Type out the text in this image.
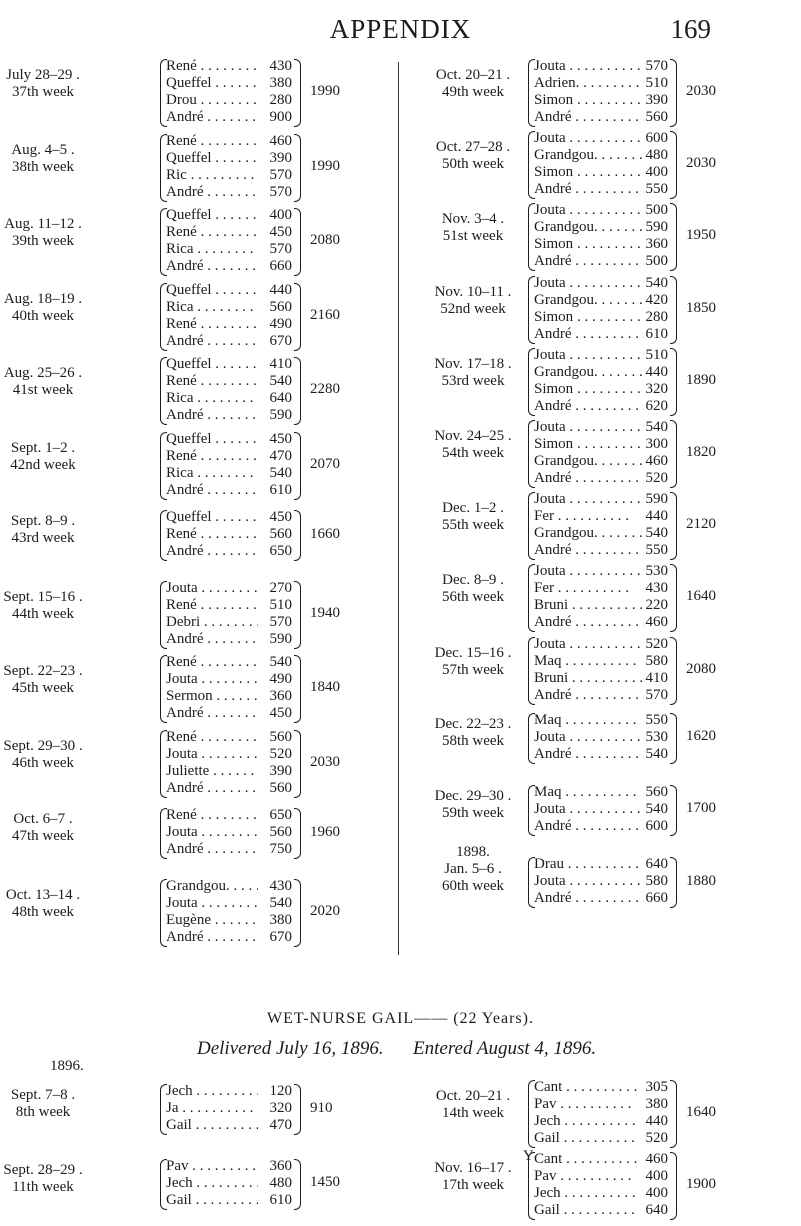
APPENDIX	169
July 28–29 .
37th week
René . . .
Queffel . . .
Drou . . .
André . . .
430
380
280
900
1990
Aug. 4–5 .
38th week
René . . .
Queffel . . .
Ric . . .
André . . .
460
390
570
570
1990
Aug. 11–12 .
39th week
Queffel . . .
René . . .
Rica . . .
André . . .
400
450
570
660
2080
Aug. 18–19 .
40th week
Queffel . . .
Rica . . .
René . . .
André . . .
440
560
490
670
2160
Aug. 25–26 .
41st week
Queffel . . .
René . . .
Rica . . .
André . . .
410
540
640
590
2280
Sept. 1–2 .
42nd week
Queffel . . .
René . . .
Rica . . .
André . . .
450
470
540
610
2070
Sept. 8–9 .
43rd week
Queffel . . .
René . . .
André . . .
450
560
650
1660
Sept. 15–16 .
44th week
Jouta . . .
René . . .
Debri . . .
André . . .
270
510
570
590
1940
Sept. 22–23 .
45th week
René . . .
Jouta . . .
Sermon . . .
André . . .
540
490
360
450
1840
Sept. 29–30 .
46th week
René . . .
Jouta . . .
Juliette . . .
André . . .
560
520
390
560
2030
Oct. 6–7 .
47th week
René . . .
Jouta . . .
André . . .
650
560
750
1960
Oct. 13–14 .
48th week
Grandgou. . . .
Jouta . . .
Eugène . . .
André . . .
430
540
380
670
2020
Oct. 20–21 .
49th week
Jouta . . .
Adrien. . . .
Simon . . .
André . . .
570
510
390
560
2030
Oct. 27–28 .
50th week
Jouta . . .
Grandgou. . . .
Simon . . .
André . . .
600
480
400
550
2030
Nov. 3–4 .
51st week
Jouta . . .
Grandgou. . . .
Simon . . .
André . . .
500
590
360
500
1950
Nov. 10–11 .
52nd week
Jouta . . .
Grandgou. . . .
Simon . . .
André . . .
540
420
280
610
1850
Nov. 17–18 .
53rd week
Jouta . . .
Grandgou. . . .
Simon . . .
André . . .
510
440
320
620
1890
Nov. 24–25 .
54th week
Jouta . . .
Simon . . .
Grandgou. . . .
André . . .
540
300
460
520
1820
Dec. 1–2 .
55th week
Jouta . . .
Fer . . .
Grandgou. . . .
André . . .
590
440
540
550
2120
Dec. 8–9 .
56th week
Jouta . . .
Fer . . .
Bruni . . .
André . . .
530
430
220
460
1640
Dec. 15–16 .
57th week
Jouta . . .
Maq . . .
Bruni . . .
André . . .
520
580
410
570
2080
Dec. 22–23 .
58th week
Maq . . .
Jouta . . .
André . . .
550
530
540
1620
Dec. 29–30 .
59th week
Maq . . .
Jouta . . .
André . . .
560
540
600
1700
1898.
Jan. 5–6 .
60th week
Drau . . .
Jouta . . .
André . . .
640
580
660
1880
WET-NURSE GAIL—— (22 Years).
Delivered July 16, 1896. Entered August 4, 1896.
1896.
Sept. 7–8 .
8th week
Jech . . .
Ja . . .
Gail . . .
120
320
470
910
Sept. 28–29 .
11th week
Pav . . .
Jech . . .
Gail . . .
360
480
610
1450
Oct. 20–21 .
14th week
Cant . . .
Pav . . .
Jech . . .
Gail . . .
305
380
440
520
1640
Nov. 16–17 .
17th week
Cant . . .
Pav . . .
Jech . . .
Gail . . .
460
400
400
640
1900
Y
